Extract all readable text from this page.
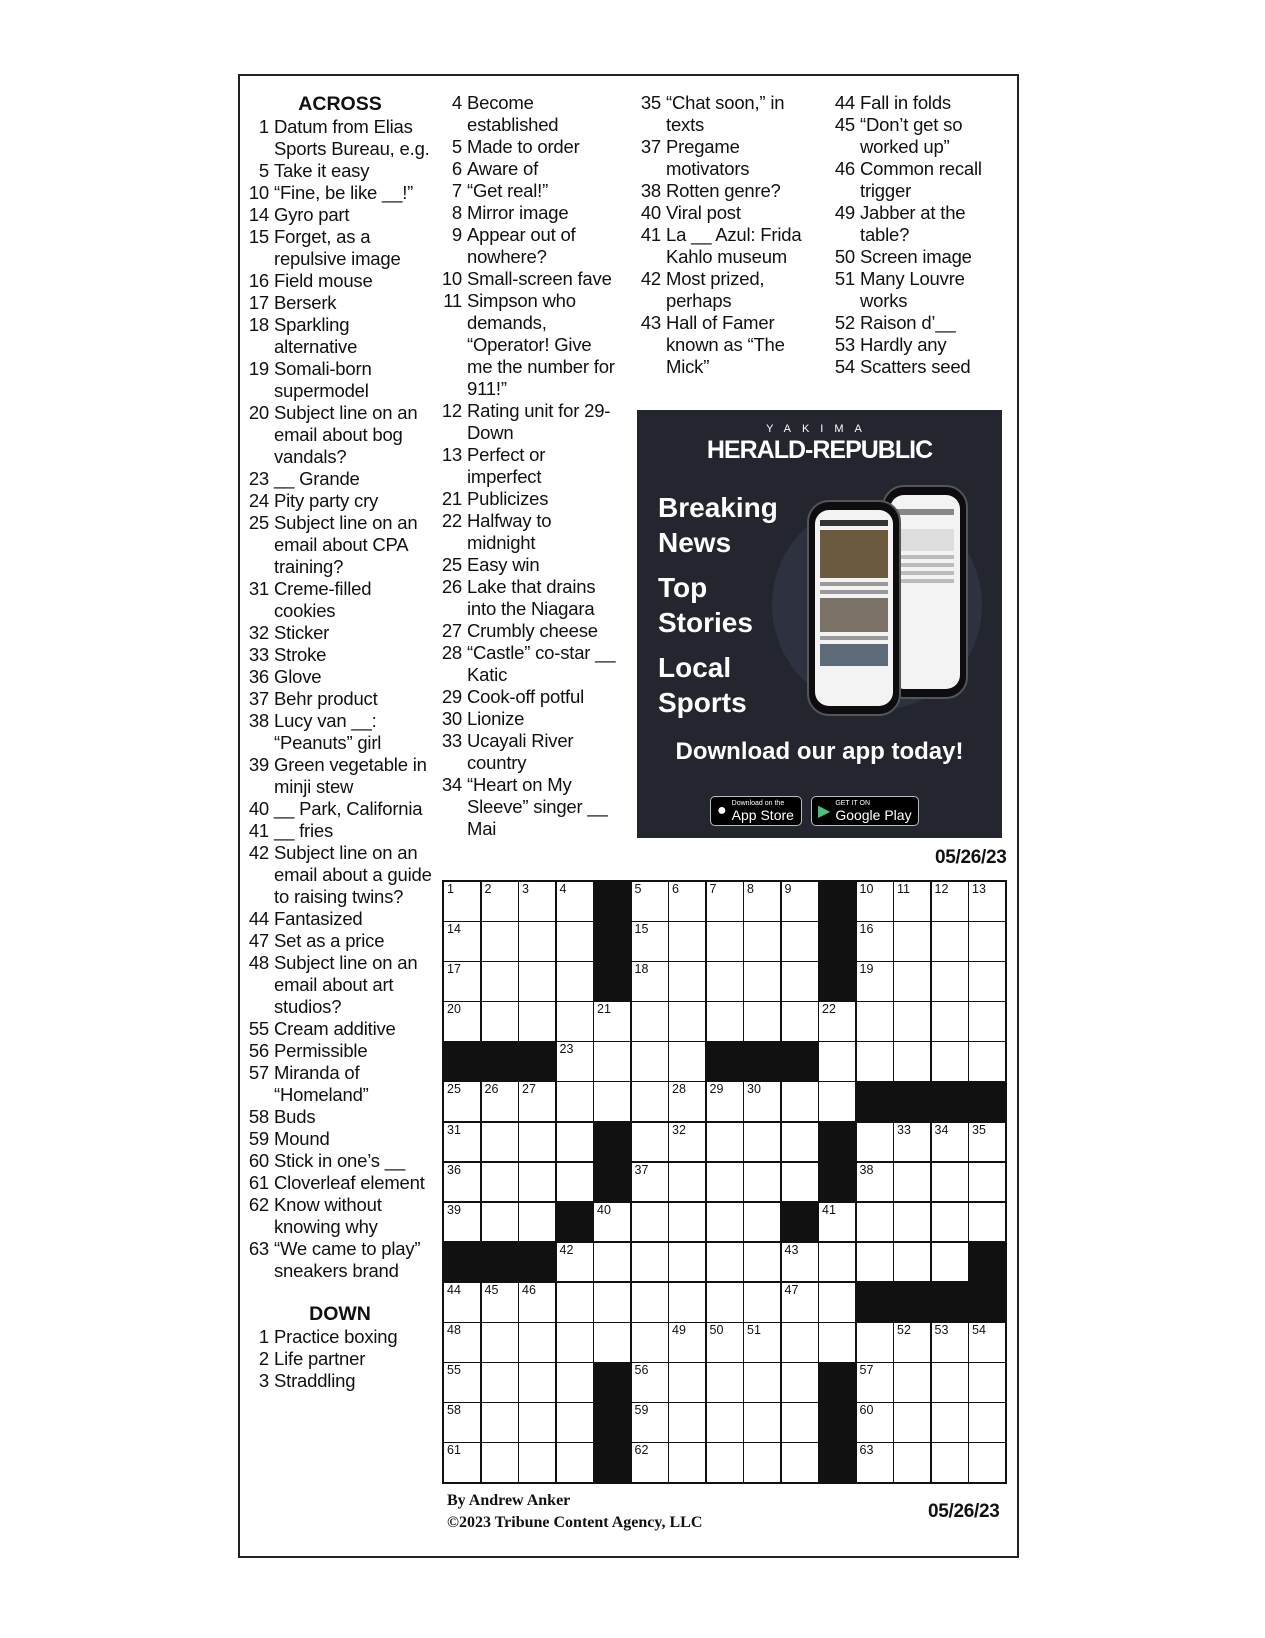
ACROSS
1 Datum from Elias Sports Bureau, e.g.
5 Take it easy
10 “Fine, be like __!”
14 Gyro part
15 Forget, as a repulsive image
16 Field mouse
17 Berserk
18 Sparkling alternative
19 Somali-born supermodel
20 Subject line on an email about bog vandals?
23 __ Grande
24 Pity party cry
25 Subject line on an email about CPA training?
31 Creme-filled cookies
32 Sticker
33 Stroke
36 Glove
37 Behr product
38 Lucy van __: “Peanuts” girl
39 Green vegetable in minji stew
40 __ Park, California
41 __ fries
42 Subject line on an email about a guide to raising twins?
44 Fantasized
47 Set as a price
48 Subject line on an email about art studios?
55 Cream additive
56 Permissible
57 Miranda of “Homeland”
58 Buds
59 Mound
60 Stick in one’s __
61 Cloverleaf element
62 Know without knowing why
63 “We came to play” sneakers brand
DOWN
1 Practice boxing
2 Life partner
3 Straddling
4 Become established
5 Made to order
6 Aware of
7 “Get real!”
8 Mirror image
9 Appear out of nowhere?
10 Small-screen fave
11 Simpson who demands, “Operator! Give me the number for 911!”
12 Rating unit for 29-Down
13 Perfect or imperfect
21 Publicizes
22 Halfway to midnight
25 Easy win
26 Lake that drains into the Niagara
27 Crumbly cheese
28 “Castle” co-star __ Katic
29 Cook-off potful
30 Lionize
33 Ucayali River country
34 “Heart on My Sleeve” singer __ Mai
35 “Chat soon,” in texts
37 Pregame motivators
38 Rotten genre?
40 Viral post
41 La __ Azul: Frida Kahlo museum
42 Most prized, perhaps
43 Hall of Famer known as “The Mick”
44 Fall in folds
45 “Don’t get so worked up”
46 Common recall trigger
49 Jabber at the table?
50 Screen image
51 Many Louvre works
52 Raison d’__
53 Hardly any
54 Scatters seed
YAKIMA
HERALD-REPUBLIC
Breaking
News
Top
Stories
Local
Sports
Download our app today!
● Download on the
App Store ▶ GET IT ON
Google Play
05/26/23
1 2 3 4	5 6 7 8 9	10 11 12 13
14	15	16
17	18	19
20	21	22
23
25 26 27	28 29 30
31	32	33 34 35
36	37	38
39	40	41
42	43
44 45 46	47
48	49 50 51	52 53 54
55	56	57
58	59	60
61	62	63
By Andrew Anker
©2023 Tribune Content Agency, LLC
05/26/23
